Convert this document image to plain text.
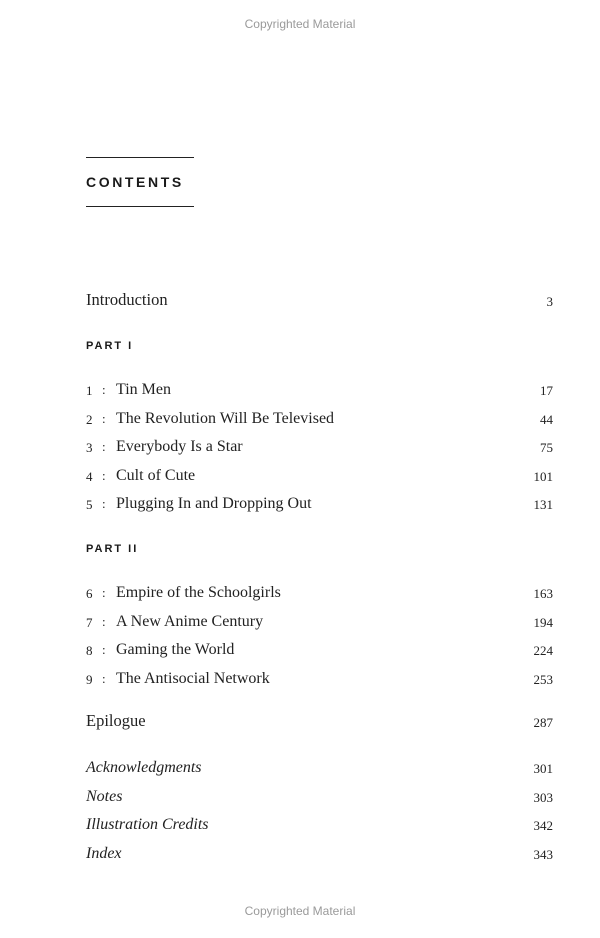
Copyrighted Material
CONTENTS
Introduction	3
PART I
1 : Tin Men	17
2 : The Revolution Will Be Televised	44
3 : Everybody Is a Star	75
4 : Cult of Cute	101
5 : Plugging In and Dropping Out	131
PART II
6 : Empire of the Schoolgirls	163
7 : A New Anime Century	194
8 : Gaming the World	224
9 : The Antisocial Network	253
Epilogue	287
Acknowledgments	301
Notes	303
Illustration Credits	342
Index	343
Copyrighted Material
